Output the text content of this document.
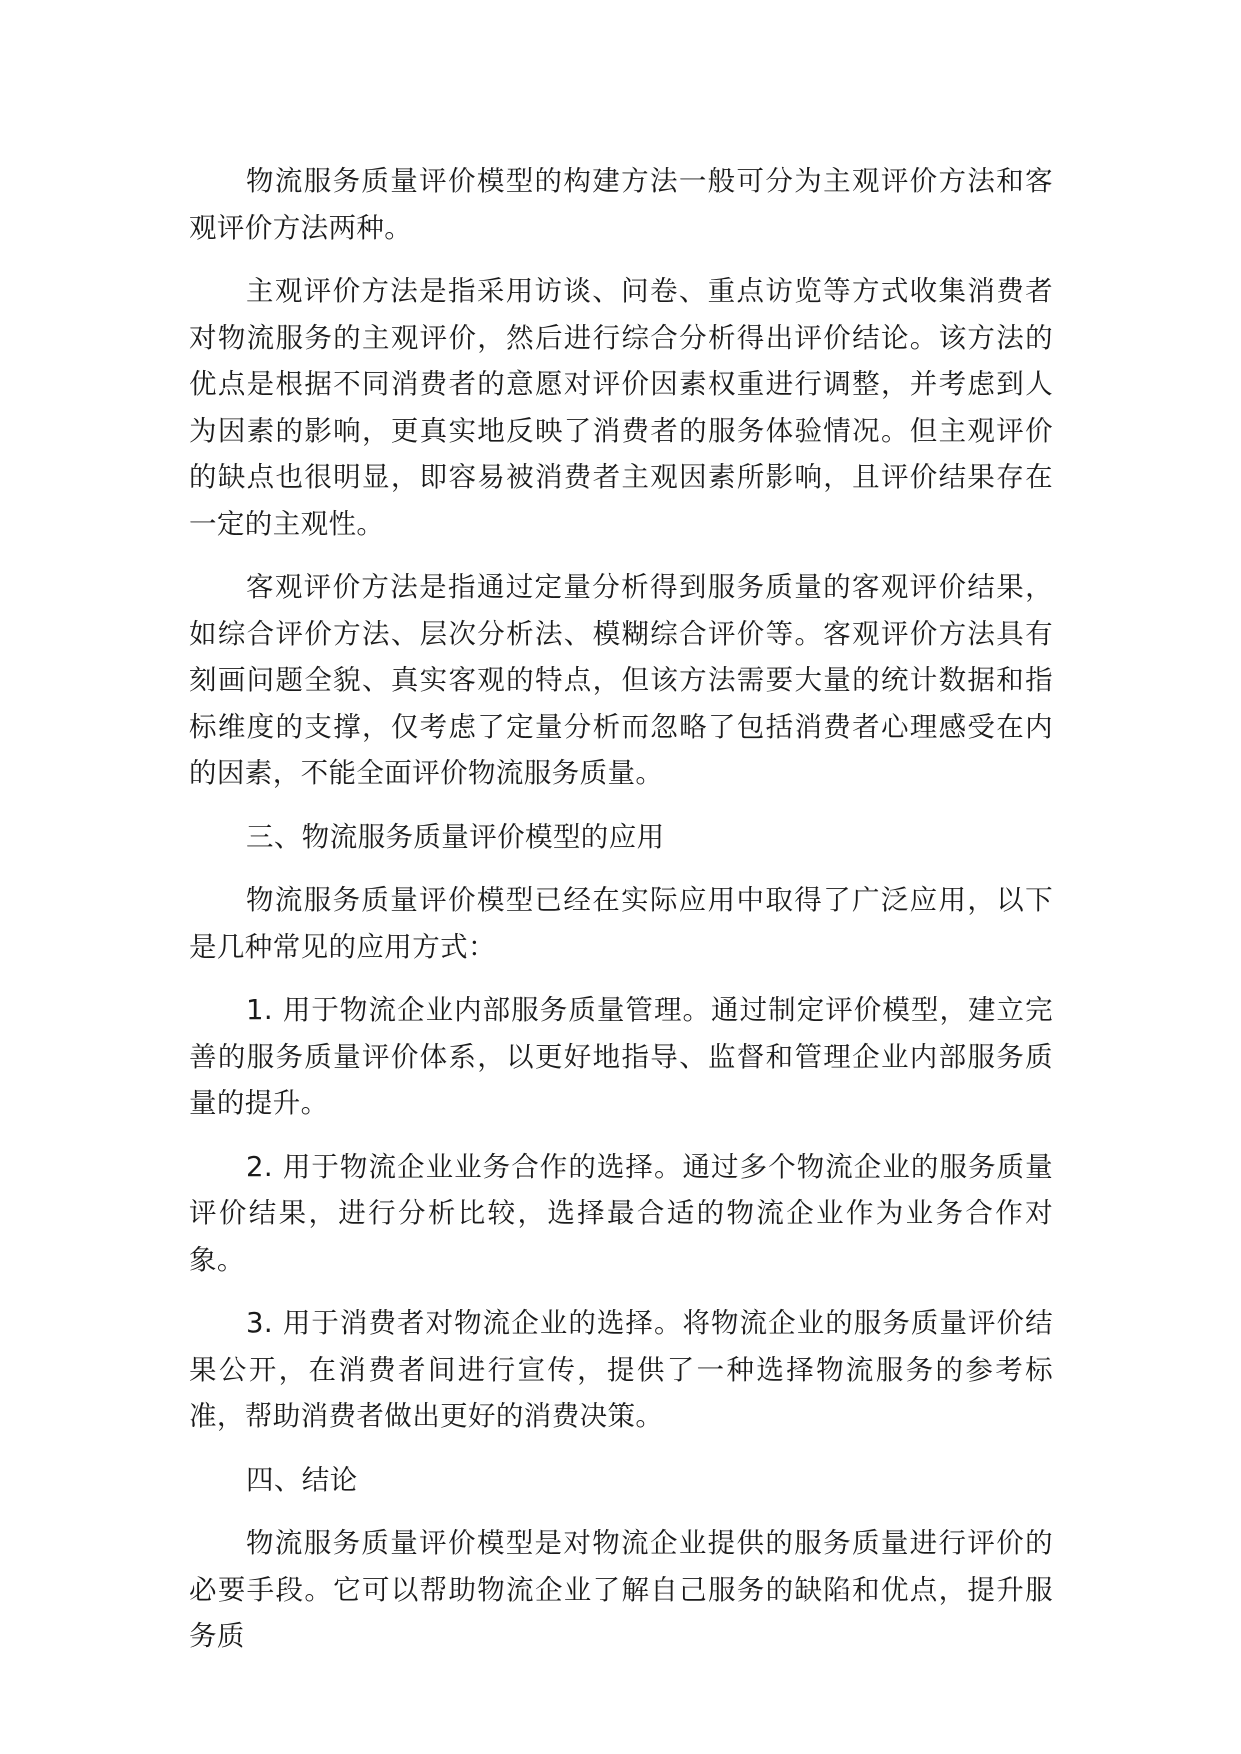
物流服务质量评价模型的构建方法一般可分为主观评价方法和客观评价方法两种。

主观评价方法是指采用访谈、问卷、重点访览等方式收集消费者对物流服务的主观评价，然后进行综合分析得出评价结论。该方法的优点是根据不同消费者的意愿对评价因素权重进行调整，并考虑到人为因素的影响，更真实地反映了消费者的服务体验情况。但主观评价的缺点也很明显，即容易被消费者主观因素所影响，且评价结果存在一定的主观性。

客观评价方法是指通过定量分析得到服务质量的客观评价结果，如综合评价方法、层次分析法、模糊综合评价等。客观评价方法具有刻画问题全貌、真实客观的特点，但该方法需要大量的统计数据和指标维度的支撑，仅考虑了定量分析而忽略了包括消费者心理感受在内的因素，不能全面评价物流服务质量。

三、物流服务质量评价模型的应用

物流服务质量评价模型已经在实际应用中取得了广泛应用，以下是几种常见的应用方式：

1. 用于物流企业内部服务质量管理。通过制定评价模型，建立完善的服务质量评价体系，以更好地指导、监督和管理企业内部服务质量的提升。

2. 用于物流企业业务合作的选择。通过多个物流企业的服务质量评价结果，进行分析比较，选择最合适的物流企业作为业务合作对象。

3. 用于消费者对物流企业的选择。将物流企业的服务质量评价结果公开，在消费者间进行宣传，提供了一种选择物流服务的参考标准，帮助消费者做出更好的消费决策。

四、结论

物流服务质量评价模型是对物流企业提供的服务质量进行评价的必要手段。它可以帮助物流企业了解自己服务的缺陷和优点，提升服务质
